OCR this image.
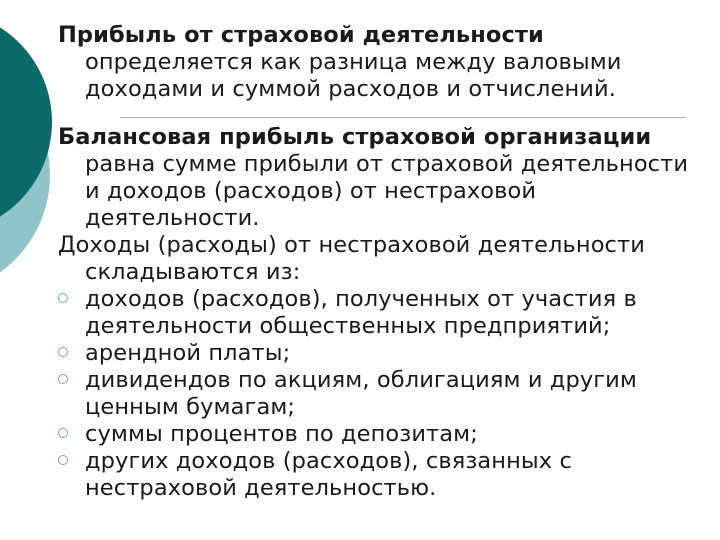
Прибыль от страховой деятельности
определяется как разница между валовыми доходами и суммой расходов и отчислений.

Балансовая прибыль страховой организации равна сумме прибыли от страховой деятельности и доходов (расходов) от нестраховой деятельности.

Доходы (расходы) от нестраховой деятельности складываются из:

доходов (расходов), полученных от участия в деятельности общественных предприятий;
арендной платы;
дивидендов по акциям, облигациям и другим ценным бумагам;
суммы процентов по депозитам;
других доходов (расходов), связанных с нестраховой деятельностью.
